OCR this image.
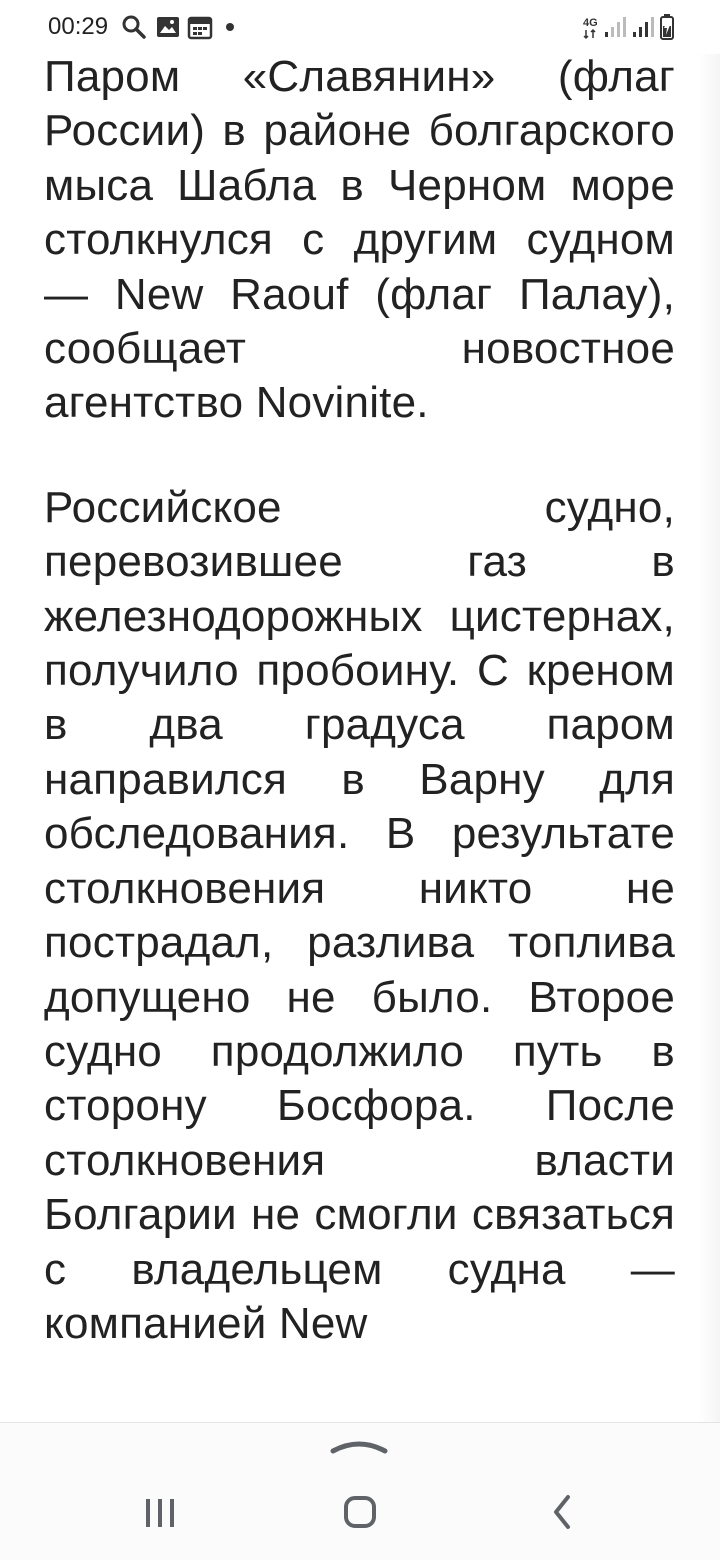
00:29	4G

Паром «Славянин» (флаг России) в районе болгарского мыса Шабла в Черном море столкнулся с другим судном — New Raouf (флаг Палау), сообщает новостное агентство Novinite.

Российское судно, перевозившее газ в железнодорожных цистернах, получило пробоину. С креном в два градуса паром направился в Варну для обследования. В результате столкновения никто не пострадал, разлива топлива допущено не было. Второе судно продолжило путь в сторону Босфора. После столкновения власти Болгарии не смогли связаться с владельцем судна — компанией New
